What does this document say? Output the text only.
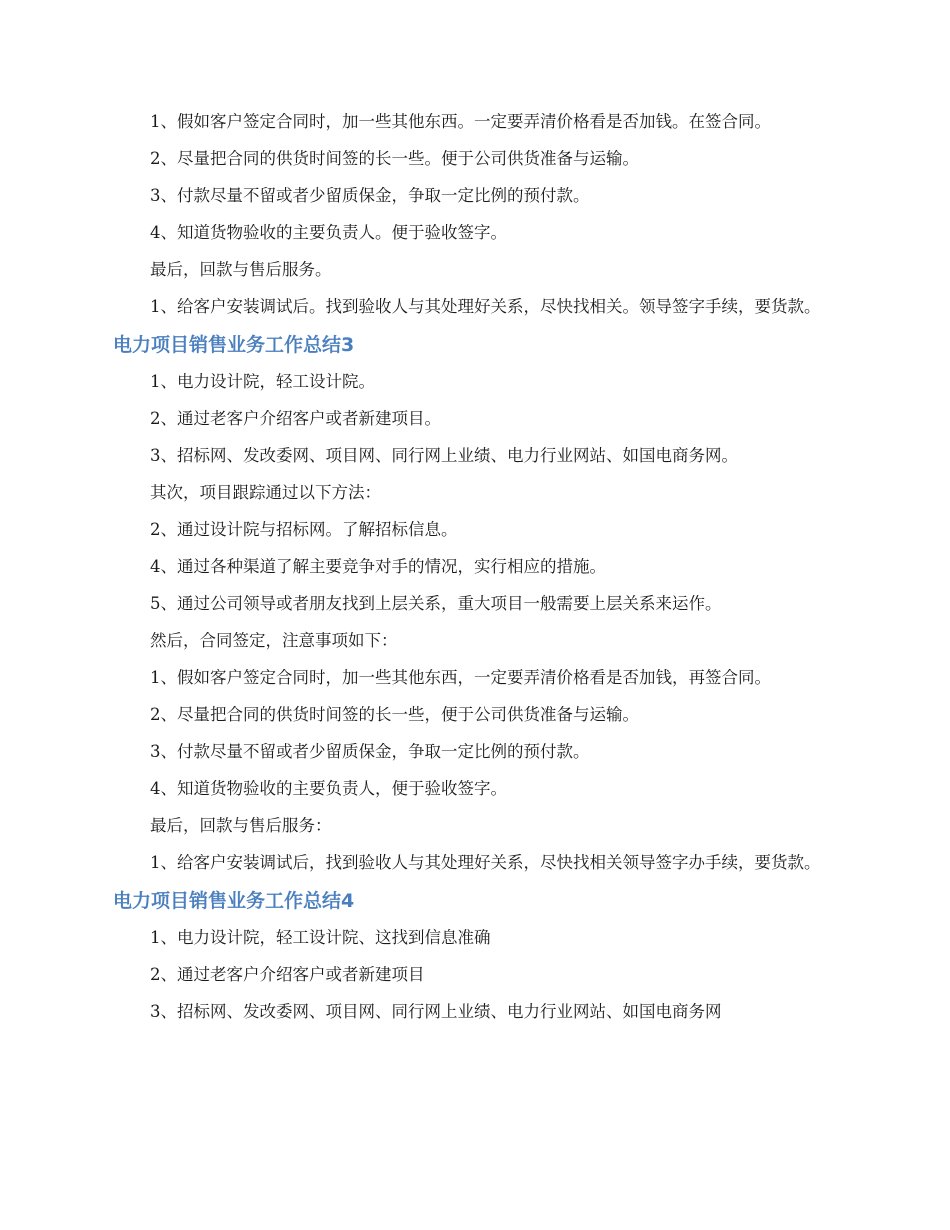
1、假如客户签定合同时，加一些其他东西。一定要弄清价格看是否加钱。在签合同。

2、尽量把合同的供货时间签的长一些。便于公司供货准备与运输。

3、付款尽量不留或者少留质保金，争取一定比例的预付款。

4、知道货物验收的主要负责人。便于验收签字。

最后，回款与售后服务。

1、给客户安装调试后。找到验收人与其处理好关系，尽快找相关。领导签字手续，要货款。

电力项目销售业务工作总结3

1、电力设计院，轻工设计院。

2、通过老客户介绍客户或者新建项目。

3、招标网、发改委网、项目网、同行网上业绩、电力行业网站、如国电商务网。

其次，项目跟踪通过以下方法：

2、通过设计院与招标网。了解招标信息。

4、通过各种渠道了解主要竞争对手的情况，实行相应的措施。

5、通过公司领导或者朋友找到上层关系，重大项目一般需要上层关系来运作。

然后，合同签定，注意事项如下：

1、假如客户签定合同时，加一些其他东西，一定要弄清价格看是否加钱，再签合同。

2、尽量把合同的供货时间签的长一些，便于公司供货准备与运输。

3、付款尽量不留或者少留质保金，争取一定比例的预付款。

4、知道货物验收的主要负责人，便于验收签字。

最后，回款与售后服务：

1、给客户安装调试后，找到验收人与其处理好关系，尽快找相关领导签字办手续，要货款。

电力项目销售业务工作总结4

1、电力设计院，轻工设计院、这找到信息准确

2、通过老客户介绍客户或者新建项目

3、招标网、发改委网、项目网、同行网上业绩、电力行业网站、如国电商务网
